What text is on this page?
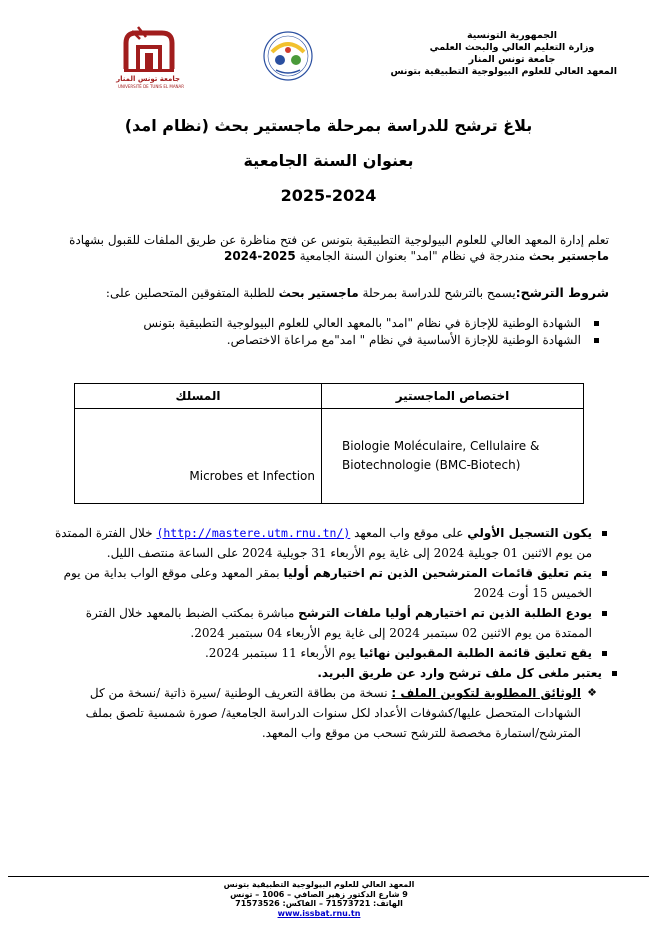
الجمهورية التونسية
وزارة التعليم العالي والبحث العلمي
جامعة تونس المنار
المعهد العالي للعلوم البيولوجية التطبيقية بتونس
جامعة تونس المنار
UNIVERSITÉ DE TUNIS EL MANAR
بلاغ ترشح للدراسة بمرحلة ماجستير بحث (نظام امد)
بعنوان السنة الجامعية
2025-2024
تعلم إدارة المعهد العالي للعلوم البيولوجية التطبيقية بتونس عن فتح مناظرة عن طريق الملفات للقبول بشهادة ماجستير بحث مندرجة في نظام "امد" بعنوان السنة الجامعية 2025-2024
شروط الترشح:يسمح بالترشح للدراسة بمرحلة ماجستير بحث للطلبة المتفوقين المتحصلين على:
الشهادة الوطنية للإجازة في نظام "امد" بالمعهد العالي للعلوم البيولوجية التطبيقية بتونس
الشهادة الوطنية للإجازة الأساسية في نظام " امد"مع مراعاة الاختصاص.
المسلك	اختصاص الماجستير
Microbes et Infection	Biologie Moléculaire, Cellulaire &
Biotechnologie (BMC-Biotech)
يكون التسجيل الأولي على موقع واب المعهد (http://mastere.utm.rnu.tn/) خلال الفترة الممتدة من يوم الاثنين 01 جويلية 2024 إلى غاية يوم الأربعاء 31 جويلية 2024 على الساعة منتصف الليل.
يتم تعليق قائمات المترشحين الذين تم اختيارهم أوليا بمقر المعهد وعلى موقع الواب بداية من يوم الخميس 15 أوت 2024
يودع الطلبة الذين تم اختيارهم أوليا ملفات الترشح مباشرة بمكتب الضبط بالمعهد خلال الفترة الممتدة من يوم الاثنين 02 سبتمبر 2024 إلى غاية يوم الأربعاء 04 سبتمبر 2024.
يقع تعليق قائمة الطلبة المقبولين نهائيا يوم الأربعاء 11 سبتمبر 2024.
يعتبر ملغى كل ملف ترشح وارد عن طريق البريد.
❖
الوثائق المطلوبة لتكوين الملف : نسخة من بطاقة التعريف الوطنية /سيرة ذاتية /نسخة من كل الشهادات المتحصل عليها/كشوفات الأعداد لكل سنوات الدراسة الجامعية/ صورة شمسية تلصق بملف المترشح/استمارة مخصصة للترشح تسحب من موقع واب المعهد.
المعهد العالي للعلوم البيولوجية التطبيقية بتونس
9 شارع الدكتور زهير الصافي – 1006 – تونس
الهاتف: 71573721 – الفاكس: 71573526
www.issbat.rnu.tn
